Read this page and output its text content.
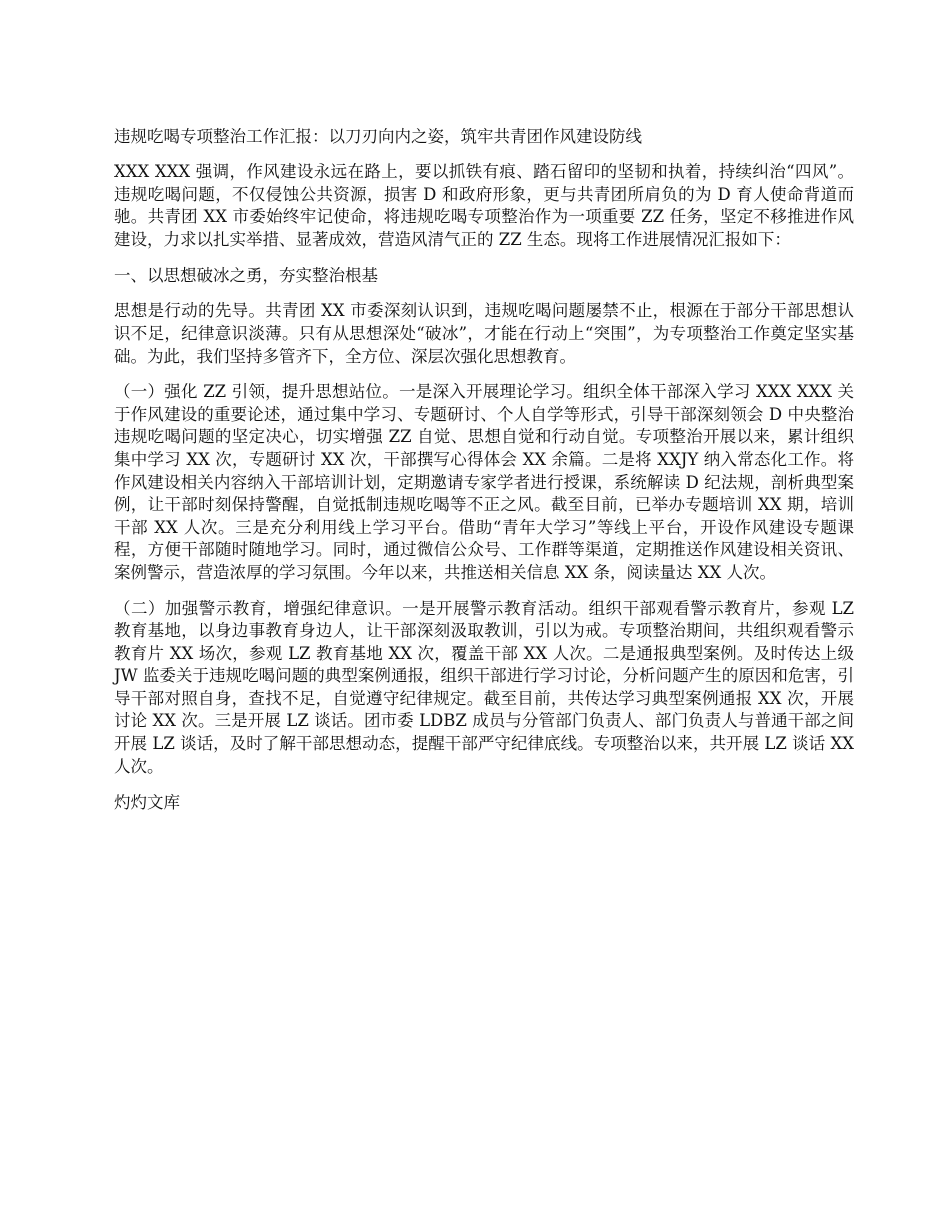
违规吃喝专项整治工作汇报：以刀刃向内之姿，筑牢共青团作风建设防线
XXX XXX 强调，作风建设永远在路上，要以抓铁有痕、踏石留印的坚韧和执着，持续纠治“四风”。违规吃喝问题，不仅侵蚀公共资源，损害 D 和政府形象，更与共青团所肩负的为 D 育人使命背道而驰。共青团 XX 市委始终牢记使命，将违规吃喝专项整治作为一项重要 ZZ 任务，坚定不移推进作风建设，力求以扎实举措、显著成效，营造风清气正的 ZZ 生态。现将工作进展情况汇报如下：
一、以思想破冰之勇，夯实整治根基
思想是行动的先导。共青团 XX 市委深刻认识到，违规吃喝问题屡禁不止，根源在于部分干部思想认识不足，纪律意识淡薄。只有从思想深处“破冰”，才能在行动上“突围”，为专项整治工作奠定坚实基础。为此，我们坚持多管齐下，全方位、深层次强化思想教育。
（一）强化 ZZ 引领，提升思想站位。一是深入开展理论学习。组织全体干部深入学习 XXX XXX 关于作风建设的重要论述，通过集中学习、专题研讨、个人自学等形式，引导干部深刻领会 D 中央整治违规吃喝问题的坚定决心，切实增强 ZZ 自觉、思想自觉和行动自觉。专项整治开展以来，累计组织集中学习 XX 次，专题研讨 XX 次，干部撰写心得体会 XX 余篇。二是将 XXJY 纳入常态化工作。将作风建设相关内容纳入干部培训计划，定期邀请专家学者进行授课，系统解读 D 纪法规，剖析典型案例，让干部时刻保持警醒，自觉抵制违规吃喝等不正之风。截至目前，已举办专题培训 XX 期，培训干部 XX 人次。三是充分利用线上学习平台。借助“青年大学习”等线上平台，开设作风建设专题课程，方便干部随时随地学习。同时，通过微信公众号、工作群等渠道，定期推送作风建设相关资讯、案例警示，营造浓厚的学习氛围。今年以来，共推送相关信息 XX 条，阅读量达 XX 人次。
（二）加强警示教育，增强纪律意识。一是开展警示教育活动。组织干部观看警示教育片，参观 LZ 教育基地，以身边事教育身边人，让干部深刻汲取教训，引以为戒。专项整治期间，共组织观看警示教育片 XX 场次，参观 LZ 教育基地 XX 次，覆盖干部 XX 人次。二是通报典型案例。及时传达上级 JW 监委关于违规吃喝问题的典型案例通报，组织干部进行学习讨论，分析问题产生的原因和危害，引导干部对照自身，查找不足，自觉遵守纪律规定。截至目前，共传达学习典型案例通报 XX 次，开展讨论 XX 次。三是开展 LZ 谈话。团市委 LDBZ 成员与分管部门负责人、部门负责人与普通干部之间开展 LZ 谈话，及时了解干部思想动态，提醒干部严守纪律底线。专项整治以来，共开展 LZ 谈话 XX 人次。
灼灼文库
